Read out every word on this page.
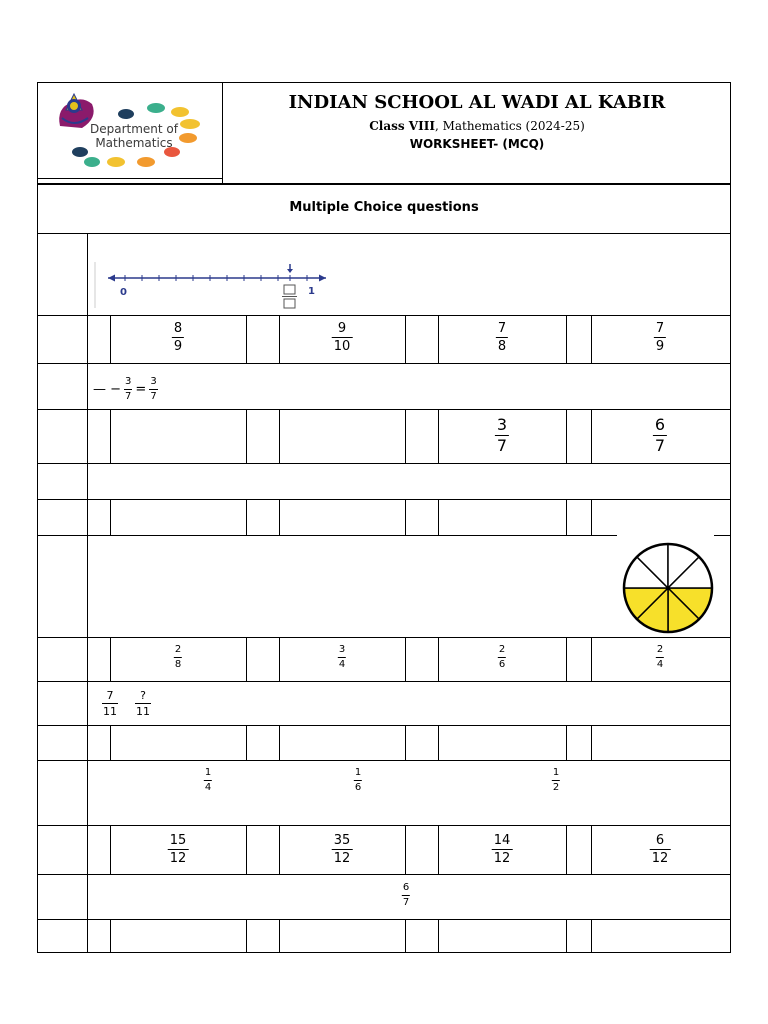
Department of Mathematics
INDIAN SCHOOL AL WADI AL KABIR
Class VIII, Mathematics (2024-25)
WORKSHEET- (MCQ)
Multiple Choice questions
0	1
8
9
9
10
7
8
7
9
— −
3
7 =
3
7
3
7
6
7
2
8
3
4
2
6
2
4
7
11
?
11
1
4
1
6
1
2
15
12
35
12
14
12
6
12
6
7
